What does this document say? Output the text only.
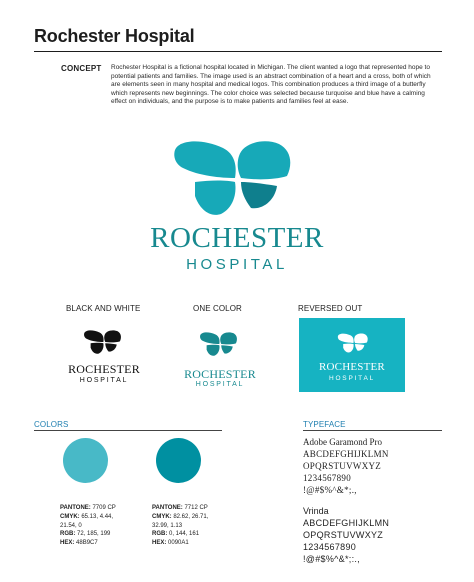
Rochester Hospital
CONCEPT Rochester Hospital is a fictional hospital located in Michigan. The client wanted a logo that represented hope to potential patients and families. The image used is an abstract combination of a heart and a cross, both of which are elements seen in many hospital and medical logos. This combination produces a third image of a butterfly which represents new beginnings. The color choice was selected because turquoise and blue have a calming effect on individuals, and the purpose is to make patients and families feel at ease.
ROCHESTER
HOSPITAL
BLACK AND WHITE
ROCHESTER
HOSPITAL
ONE COLOR
ROCHESTER
HOSPITAL
REVERSED OUT
ROCHESTER
HOSPITAL
COLORS
PANTONE: 7709 CP
CMYK: 65.13, 4.44,
21.54, 0
RGB: 72, 185, 199
HEX: 48B9C7
PANTONE: 7712 CP
CMYK: 82.62, 26.71,
32.99, 1.13
RGB: 0, 144, 161
HEX: 0090A1
TYPEFACE
Adobe Garamond Pro
ABCDEFGHIJKLMN
OPQRSTUVWXYZ
1234567890
!@#$%^&*;.,
Vrinda
ABCDEFGHIJKLMN
OPQRSTUVWXYZ
1234567890
!@#$%^&*;:.,
